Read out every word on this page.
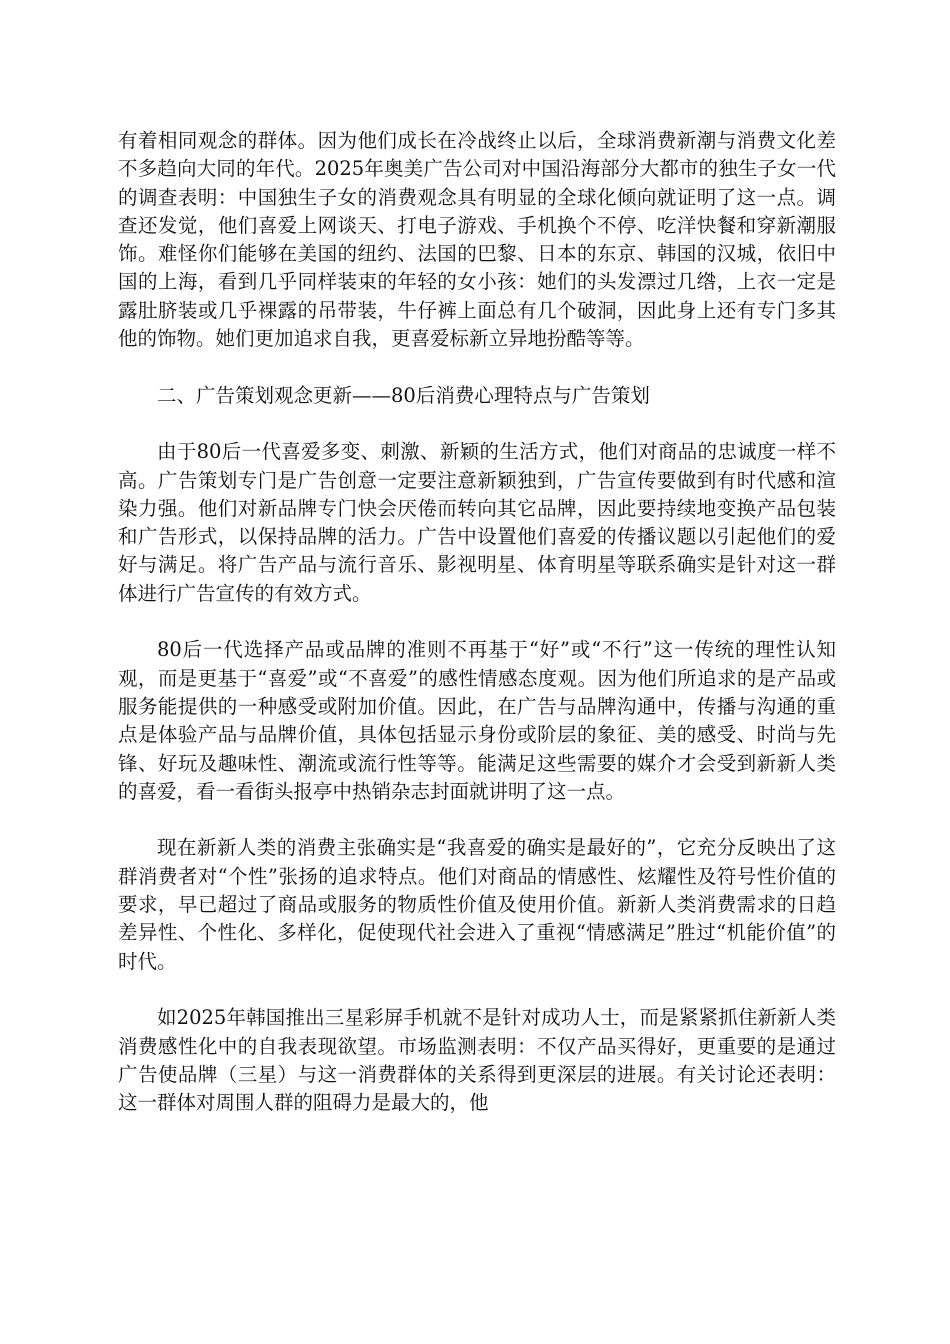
有着相同观念的群体。因为他们成长在冷战终止以后，全球消费新潮与消费文化差不多趋向大同的年代。2025年奥美广告公司对中国沿海部分大都市的独生子女一代的调查表明：中国独生子女的消费观念具有明显的全球化倾向就证明了这一点。调查还发觉，他们喜爱上网谈天、打电子游戏、手机换个不停、吃洋快餐和穿新潮服饰。难怪你们能够在美国的纽约、法国的巴黎、日本的东京、韩国的汉城，依旧中国的上海，看到几乎同样装束的年轻的女小孩：她们的头发漂过几绺，上衣一定是露肚脐装或几乎裸露的吊带装，牛仔裤上面总有几个破洞，因此身上还有专门多其他的饰物。她们更加追求自我，更喜爱标新立异地扮酷等等。

二、广告策划观念更新——80后消费心理特点与广告策划

由于80后一代喜爱多变、刺激、新颖的生活方式，他们对商品的忠诚度一样不高。广告策划专门是广告创意一定要注意新颖独到，广告宣传要做到有时代感和渲染力强。他们对新品牌专门快会厌倦而转向其它品牌，因此要持续地变换产品包装和广告形式，以保持品牌的活力。广告中设置他们喜爱的传播议题以引起他们的爱好与满足。将广告产品与流行音乐、影视明星、体育明星等联系确实是针对这一群体进行广告宣传的有效方式。

80后一代选择产品或品牌的准则不再基于“好”或“不行”这一传统的理性认知观，而是更基于“喜爱”或“不喜爱”的感性情感态度观。因为他们所追求的是产品或服务能提供的一种感受或附加价值。因此，在广告与品牌沟通中，传播与沟通的重点是体验产品与品牌价值，具体包括显示身份或阶层的象征、美的感受、时尚与先锋、好玩及趣味性、潮流或流行性等等。能满足这些需要的媒介才会受到新新人类的喜爱，看一看街头报亭中热销杂志封面就讲明了这一点。

现在新新人类的消费主张确实是“我喜爱的确实是最好的”，它充分反映出了这群消费者对“个性”张扬的追求特点。他们对商品的情感性、炫耀性及符号性价值的要求，早已超过了商品或服务的物质性价值及使用价值。新新人类消费需求的日趋差异性、个性化、多样化，促使现代社会进入了重视“情感满足”胜过“机能价值”的时代。

如2025年韩国推出三星彩屏手机就不是针对成功人士，而是紧紧抓住新新人类消费感性化中的自我表现欲望。市场监测表明：不仅产品买得好，更重要的是通过广告使品牌（三星）与这一消费群体的关系得到更深层的进展。有关讨论还表明：这一群体对周围人群的阻碍力是最大的，他
